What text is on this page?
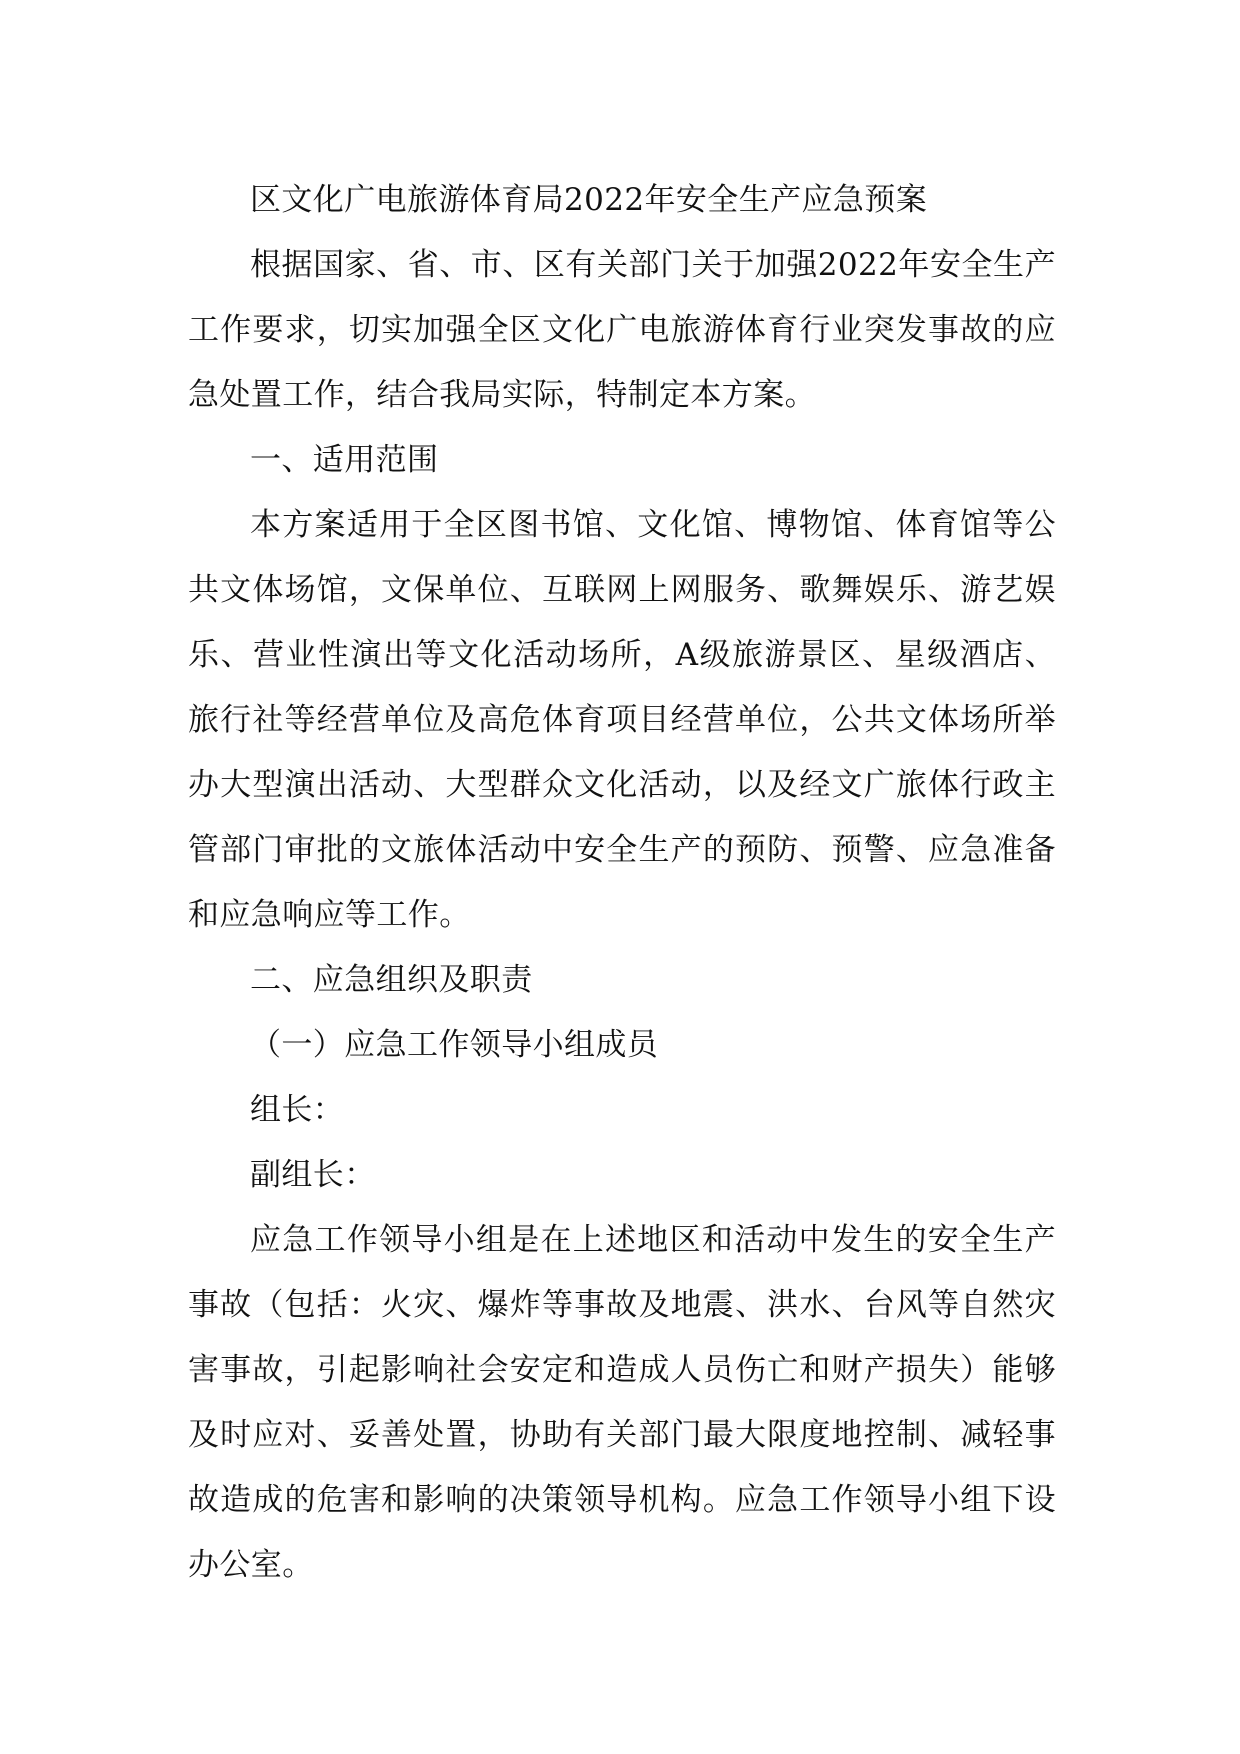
区文化广电旅游体育局2022年安全生产应急预案

根据国家、省、市、区有关部门关于加强2022年安全生产工作要求，切实加强全区文化广电旅游体育行业突发事故的应急处置工作，结合我局实际，特制定本方案。

一、适用范围

本方案适用于全区图书馆、文化馆、博物馆、体育馆等公共文体场馆，文保单位、互联网上网服务、歌舞娱乐、游艺娱乐、营业性演出等文化活动场所，A级旅游景区、星级酒店、旅行社等经营单位及高危体育项目经营单位，公共文体场所举办大型演出活动、大型群众文化活动，以及经文广旅体行政主管部门审批的文旅体活动中安全生产的预防、预警、应急准备和应急响应等工作。

二、应急组织及职责

（一）应急工作领导小组成员

组长：

副组长：

应急工作领导小组是在上述地区和活动中发生的安全生产事故（包括：火灾、爆炸等事故及地震、洪水、台风等自然灾害事故，引起影响社会安定和造成人员伤亡和财产损失）能够及时应对、妥善处置，协助有关部门最大限度地控制、减轻事故造成的危害和影响的决策领导机构。应急工作领导小组下设办公室。
